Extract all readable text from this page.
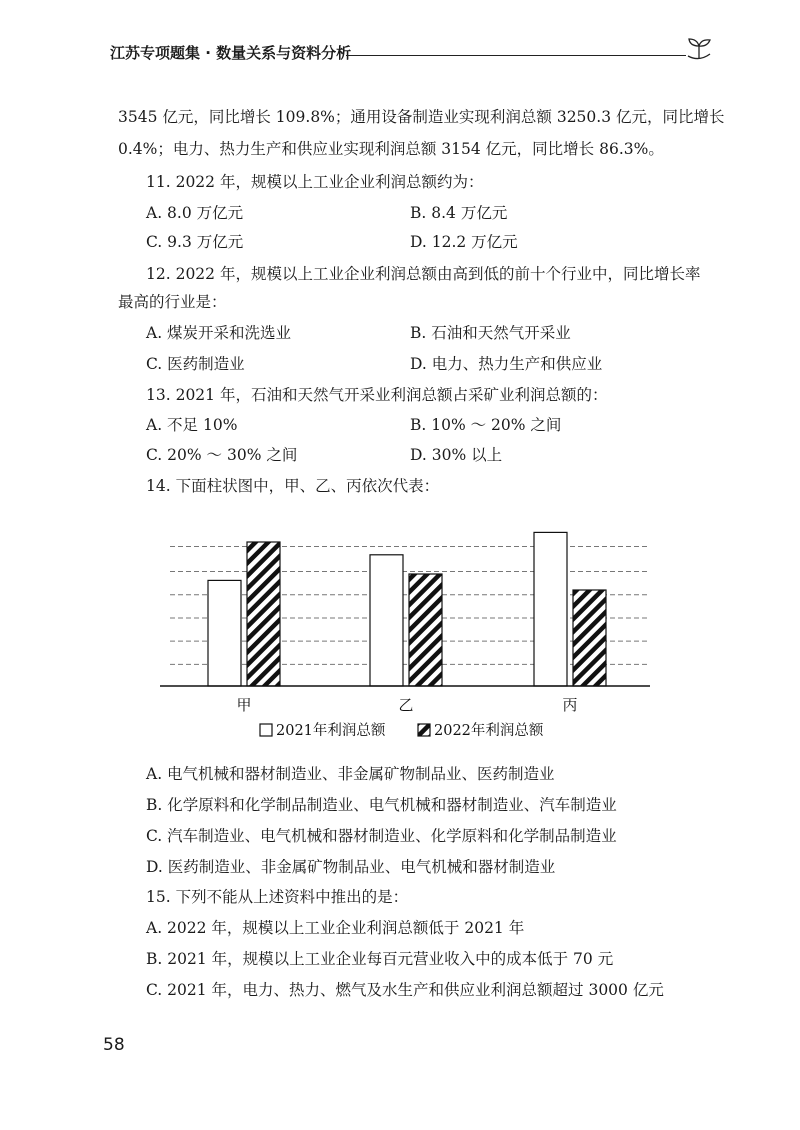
江苏专项题集 · 数量关系与资料分析
3545 亿元，同比增长 109.8%；通用设备制造业实现利润总额 3250.3 亿元，同比增长
0.4%；电力、热力生产和供应业实现利润总额 3154 亿元，同比增长 86.3%。
11. 2022 年，规模以上工业企业利润总额约为：
A. 8.0 万亿元	B. 8.4 万亿元
C. 9.3 万亿元	D. 12.2 万亿元
12. 2022 年，规模以上工业企业利润总额由高到低的前十个行业中，同比增长率
最高的行业是：
A. 煤炭开采和洗选业	B. 石油和天然气开采业
C. 医药制造业	D. 电力、热力生产和供应业
13. 2021 年，石油和天然气开采业利润总额占采矿业利润总额的：
A. 不足 10%	B. 10% ～ 20% 之间
C. 20% ～ 30% 之间	D. 30% 以上
14. 下面柱状图中，甲、乙、丙依次代表：
甲	乙	丙
2021年利润总额	2022年利润总额
A. 电气机械和器材制造业、非金属矿物制品业、医药制造业
B. 化学原料和化学制品制造业、电气机械和器材制造业、汽车制造业
C. 汽车制造业、电气机械和器材制造业、化学原料和化学制品制造业
D. 医药制造业、非金属矿物制品业、电气机械和器材制造业
15. 下列不能从上述资料中推出的是：
A. 2022 年，规模以上工业企业利润总额低于 2021 年
B. 2021 年，规模以上工业企业每百元营业收入中的成本低于 70 元
C. 2021 年，电力、热力、燃气及水生产和供应业利润总额超过 3000 亿元
58
